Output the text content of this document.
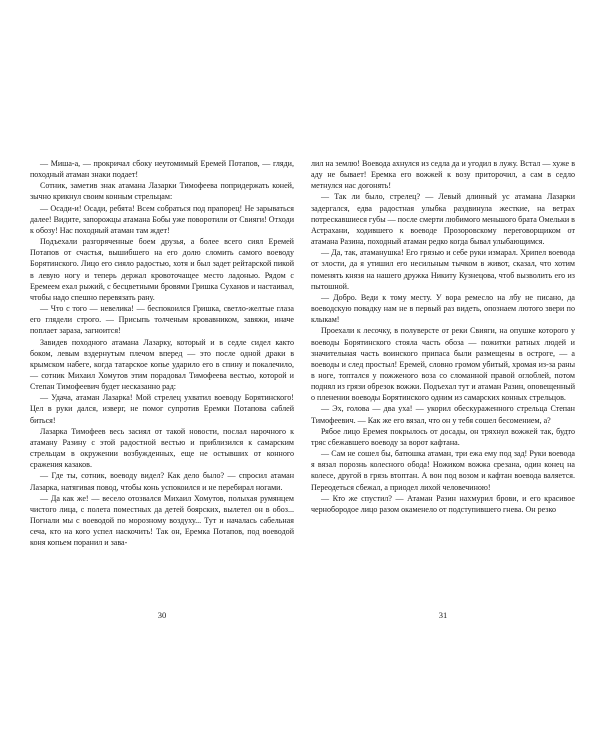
— Миша-а, — прокричал сбоку неутомимый Еремей Потапов, — гляди, походный атаман знаки подает!

Сотник, заметив знак атамана Лазарки Тимофеева попридержать коней, зычно крикнул своим конным стрельцам:

— Осади-и! Осади, ребята! Всем собраться под прапорец! Не зарываться далее! Видите, запорожцы атамана Бобы уже поворотили от Свияги! Отходи к обозу! Нас походный атаман там ждет!

Подъехали разгоряченные боем друзья, а более всего сиял Еремей Потапов от счастья, вышибшего на его долю сломить самого воеводу Борятинского. Лицо его сияло радостью, хотя и был задет рейтарской пикой в левую ногу и теперь держал кровоточащее место ладонью. Рядом с Еремеем ехал рыжий, с бесцветными бровями Гришка Суханов и настаивал, чтобы надо спешно перевязать рану.

— Что с того — невелика! — беспокоился Гришка, светло-желтые глаза его глядели строго. — Присыпь толченым кровавником, завяжи, иначе поплает зараза, загноится!

Завидев походного атамана Лазарку, который и в седле сидел както боком, левым вздернутым плечом вперед — это после одной драки в крымском набеге, когда татарское копье ударило его в спину и покалечило, — сотник Михаил Хомутов этим порадовал Тимофеева вестью, которой и Степан Тимофеевич будет несказанно рад:

— Удача, атаман Лазарка! Мой стрелец ухватил воеводу Борятинского! Цел в руки дался, изверг, не помог супротив Еремки Потапова саблей биться!

Лазарка Тимофеев весь засиял от такой новости, послал нарочного к атаману Разину с этой радостной вестью и приблизился к самарским стрельцам в окружении возбужденных, еще не остывших от конного сражения казаков.

— Где ты, сотник, воеводу видел? Как дело было? — спросил атаман Лазарка, натягивая повод, чтобы конь успокоился и не перебирал ногами.

— Да как же! — весело отозвался Михаил Хомутов, полыхая румянцем чистого лица, с полета поместных да детей боярских, вылетел он в обоз... Погнали мы с воеводой по морозному воздуху... Тут и началась сабельная сеча, кто на кого успел наскочить! Так он, Еремка Потапов, под воеводой коня копьем поранил и зава-

30

лил на землю! Воевода ахнулся из седла да и угодил в лужу. Встал — хуже в аду не бывает! Еремка его вожжей к возу приторочил, а сам в седло метнулся нас догонять!

— Так ли было, стрелец? — Левый длинный ус атамана Лазарки задергался, едва радостная улыбка раздвинула жесткие, на ветрах потрескавшиеся губы — после смерти любимого меньшого брата Омельки в Астрахани, ходившего к воеводе Прозоровскому переговорщиком от атамана Разина, походный атаман редко когда бывал улыбающимся.

— Да, так, атаманушка! Его грязью и себе руки измарал. Хрипел воевода от злости, да я утишил его несильным тычком в живот, сказал, что хотим поменять князя на нашего дружка Никиту Кузнецова, чтоб вызволить его из пытошной.

— Добро. Веди к тому месту. У вора ремесло на лбу не писано, да воеводскую повадку нам не в первый раз видеть, опознаем лютого звери по клыкам!

Проехали к лесочку, в полуверсте от реки Свияги, на опушке которого у воеводы Борятинского стояла часть обоза — пожитки ратных людей и значительная часть воинского припаса были размещены в остроге, — а воеводы и след простыл! Еремей, словно громом убитый, хромая из-за раны в ноге, топтался у пожженого воза со сломанной правой оглоблей, потом поднял из грязи обрезок вожжи. Подъехал тут и атаман Разин, оповещенный о пленении воеводы Борятинского одним из самарских конных стрельцов.

— Эх, голова — два уха! — укорил обескураженного стрельца Степан Тимофеевич. — Как же его вязал, что он у тебя сошел бесомением, а?

Рябое лицо Еремея покрылось от досады, он тряхнул вожжей так, будто тряс сбежавшего воеводу за ворот кафтана.

— Сам не сошел бы, батюшка атаман, три ежа ему под зад! Руки воевода я вязал порознь колесного обода! Ножиком вожжа срезана, один конец на колесе, другой в грязь втоптан. А вон под возом и кафтан воевода валяется. Переодеться сбежал, а приодел лихой человечиною!

— Кто же спустил? — Атаман Разин нахмурил брови, и его красивое чернобородое лицо разом окаменело от подступившего гнева. Он резко

31
